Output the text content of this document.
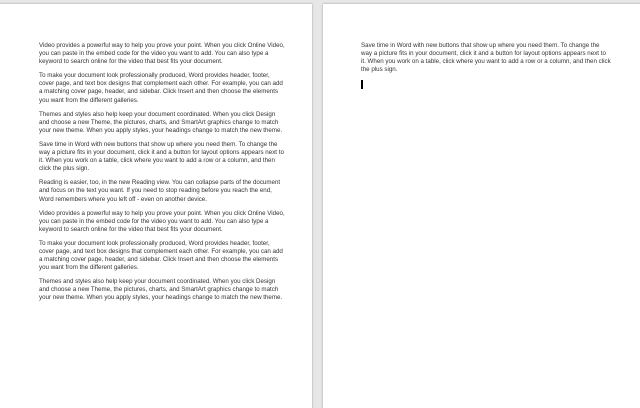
Video provides a powerful way to help you prove your point. When you click Online Video, you can paste in the embed code for the video you want to add. You can also type a keyword to search online for the video that best fits your document.

To make your document look professionally produced, Word provides header, footer, cover page, and text box designs that complement each other. For example, you can add a matching cover page, header, and sidebar. Click Insert and then choose the elements you want from the different galleries.

Themes and styles also help keep your document coordinated. When you click Design and choose a new Theme, the pictures, charts, and SmartArt graphics change to match your new theme. When you apply styles, your headings change to match the new theme.

Save time in Word with new buttons that show up where you need them. To change the way a picture fits in your document, click it and a button for layout options appears next to it. When you work on a table, click where you want to add a row or a column, and then click the plus sign.

Reading is easier, too, in the new Reading view. You can collapse parts of the document and focus on the text you want. If you need to stop reading before you reach the end, Word remembers where you left off - even on another device.

Video provides a powerful way to help you prove your point. When you click Online Video, you can paste in the embed code for the video you want to add. You can also type a keyword to search online for the video that best fits your document.

To make your document look professionally produced, Word provides header, footer, cover page, and text box designs that complement each other. For example, you can add a matching cover page, header, and sidebar. Click Insert and then choose the elements you want from the different galleries.

Themes and styles also help keep your document coordinated. When you click Design and choose a new Theme, the pictures, charts, and SmartArt graphics change to match your new theme. When you apply styles, your headings change to match the new theme.

Save time in Word with new buttons that show up where you need them. To change the way a picture fits in your document, click it and a button for layout options appears next to it. When you work on a table, click where you want to add a row or a column, and then click the plus sign.
